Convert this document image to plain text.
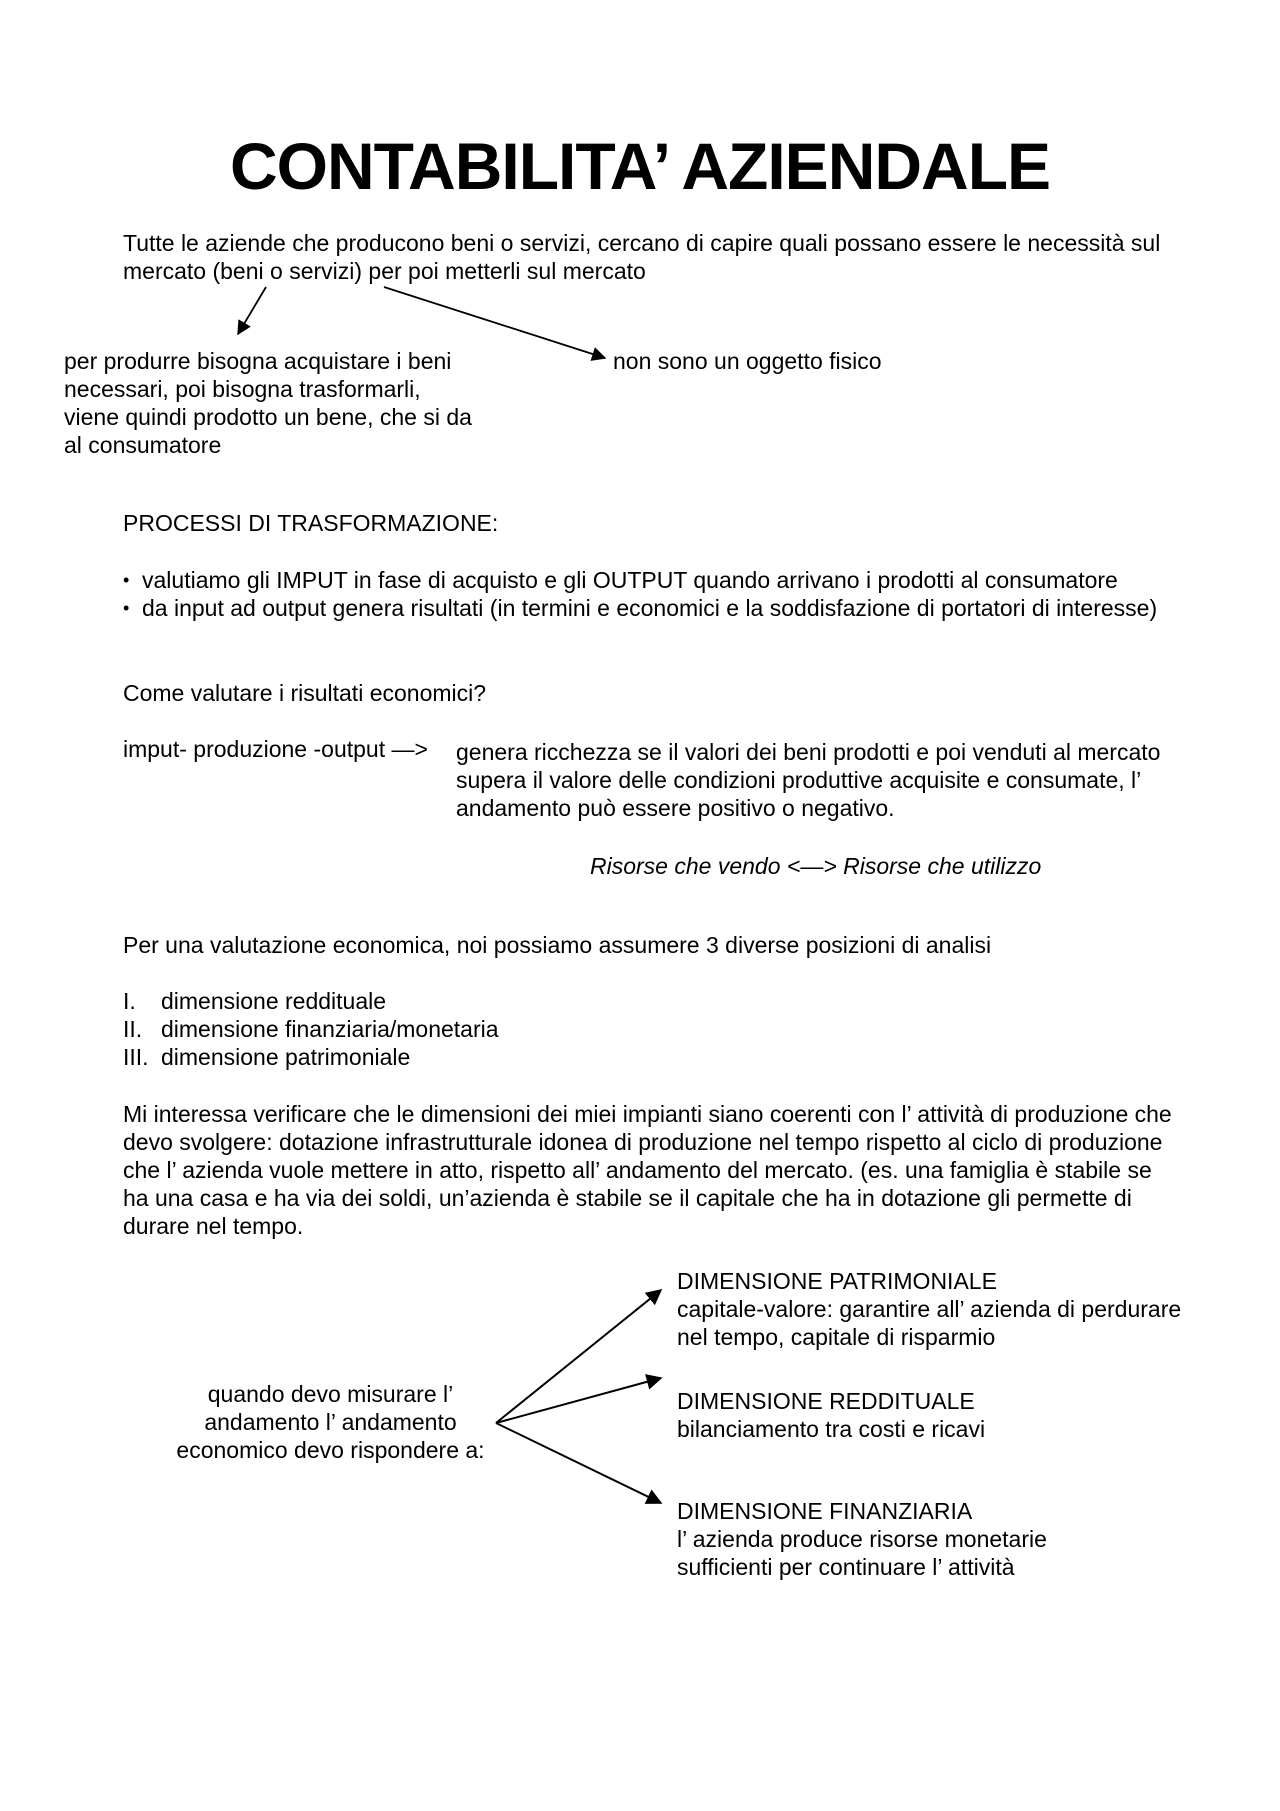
CONTABILITA’ AZIENDALE
Tutte le aziende che producono beni o servizi, cercano di capire quali possano essere le necessità sul mercato (beni o servizi) per poi metterli sul mercato
per produrre bisogna acquistare i beni necessari, poi bisogna trasformarli, viene quindi prodotto un bene, che si da al consumatore
non sono un oggetto fisico
PROCESSI DI TRASFORMAZIONE:
• valutiamo gli IMPUT in fase di acquisto e gli OUTPUT quando arrivano i prodotti al consumatore
• da input ad output genera risultati (in termini e economici e la soddisfazione di portatori di interesse)
Come valutare i risultati economici?
imput- produzione -output —> genera ricchezza se il valori dei beni prodotti e poi venduti al mercato supera il valore delle condizioni produttive acquisite e consumate, l’ andamento può essere positivo o negativo.
Risorse che vendo <—> Risorse che utilizzo
Per una valutazione economica, noi possiamo assumere 3 diverse posizioni di analisi
I.	dimensione reddituale
II. dimensione finanziaria/monetaria
III. dimensione patrimoniale
Mi interessa verificare che le dimensioni dei miei impianti siano coerenti con l’ attività di produzione che devo svolgere: dotazione infrastrutturale idonea di produzione nel tempo rispetto al ciclo di produzione che l’ azienda vuole mettere in atto, rispetto all’ andamento del mercato. (es. una famiglia è stabile se ha una casa e ha via dei soldi, un’azienda è stabile se il capitale che ha in dotazione gli permette di durare nel tempo.
quando devo misurare l’ andamento l’ andamento economico devo rispondere a:
DIMENSIONE PATRIMONIALE
capitale-valore: garantire all’ azienda di perdurare nel tempo, capitale di risparmio
DIMENSIONE REDDITUALE
bilanciamento tra costi e ricavi
DIMENSIONE FINANZIARIA
l’ azienda produce risorse monetarie sufficienti per continuare l’ attività
